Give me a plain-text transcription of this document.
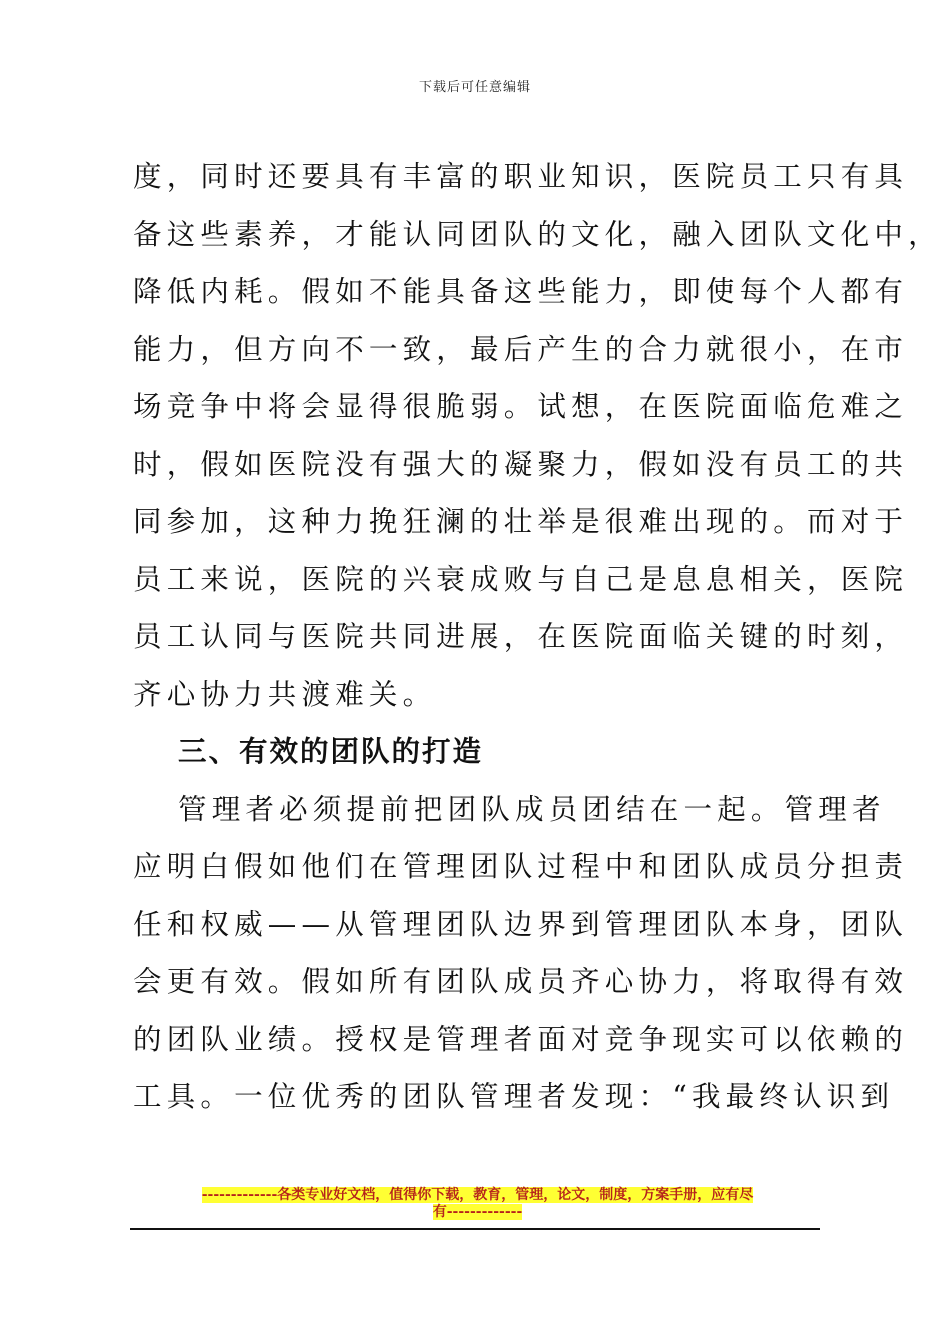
下载后可任意编辑
度，同时还要具有丰富的职业知识，医院员工只有具
备这些素养，才能认同团队的文化，融入团队文化中，
降低内耗。假如不能具备这些能力，即使每个人都有
能力，但方向不一致，最后产生的合力就很小，在市
场竞争中将会显得很脆弱。试想，在医院面临危难之
时，假如医院没有强大的凝聚力，假如没有员工的共
同参加，这种力挽狂澜的壮举是很难出现的。而对于
员工来说，医院的兴衰成败与自己是息息相关，医院
员工认同与医院共同进展，在医院面临关键的时刻，
齐心协力共渡难关。
三、有效的团队的打造
管理者必须提前把团队成员团结在一起。管理者
应明白假如他们在管理团队过程中和团队成员分担责
任和权威——从管理团队边界到管理团队本身，团队
会更有效。假如所有团队成员齐心协力，将取得有效
的团队业绩。授权是管理者面对竞争现实可以依赖的
工具。一位优秀的团队管理者发现：“我最终认识到
-------------各类专业好文档，值得你下载，教育，管理，论文，制度，方案手册，应有尽
有-------------
